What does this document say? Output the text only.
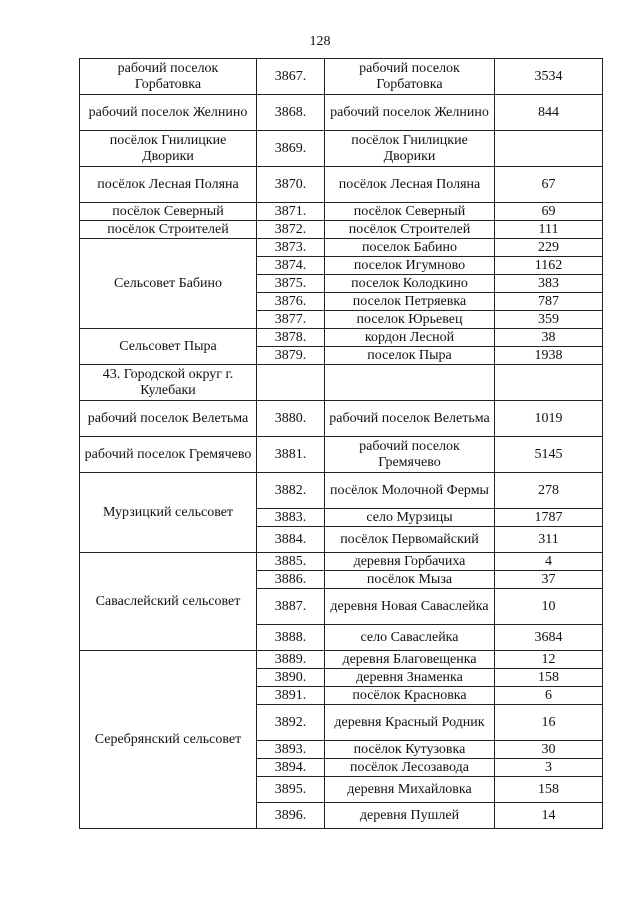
128
рабочий поселок Горбатовка	3867.	рабочий поселок Горбатовка	3534
рабочий поселок Желнино	3868.	рабочий поселок Желнино	844
посёлок Гнилицкие Дворики	3869.	посёлок Гнилицкие Дворики	
посёлок Лесная Поляна	3870.	посёлок Лесная Поляна	67
посёлок Северный	3871.	посёлок Северный	69
посёлок Строителей	3872.	посёлок Строителей	111
Сельсовет Бабино	3873.	поселок Бабино	229
	3874.	поселок Игумново	1162
	3875.	поселок Колодкино	383
	3876.	поселок Петряевка	787
	3877.	поселок Юрьевец	359
Сельсовет Пыра	3878.	кордон Лесной	38
	3879.	поселок Пыра	1938
43. Городской округ г. Кулебаки			
рабочий поселок Велетьма	3880.	рабочий поселок Велетьма	1019
рабочий поселок Гремячево	3881.	рабочий поселок Гремячево	5145
Мурзицкий сельсовет	3882.	посёлок Молочной Фермы	278
	3883.	село Мурзицы	1787
	3884.	посёлок Первомайский	311
Саваслейский сельсовет	3885.	деревня Горбачиха	4
	3886.	посёлок Мыза	37
	3887.	деревня Новая Саваслейка	10
	3888.	село Саваслейка	3684
Серебрянский сельсовет	3889.	деревня Благовещенка	12
	3890.	деревня Знаменка	158
	3891.	посёлок Красновка	6
	3892.	деревня Красный Родник	16
	3893.	посёлок Кутузовка	30
	3894.	посёлок Лесозавода	3
	3895.	деревня Михайловка	158
	3896.	деревня Пушлей	14
